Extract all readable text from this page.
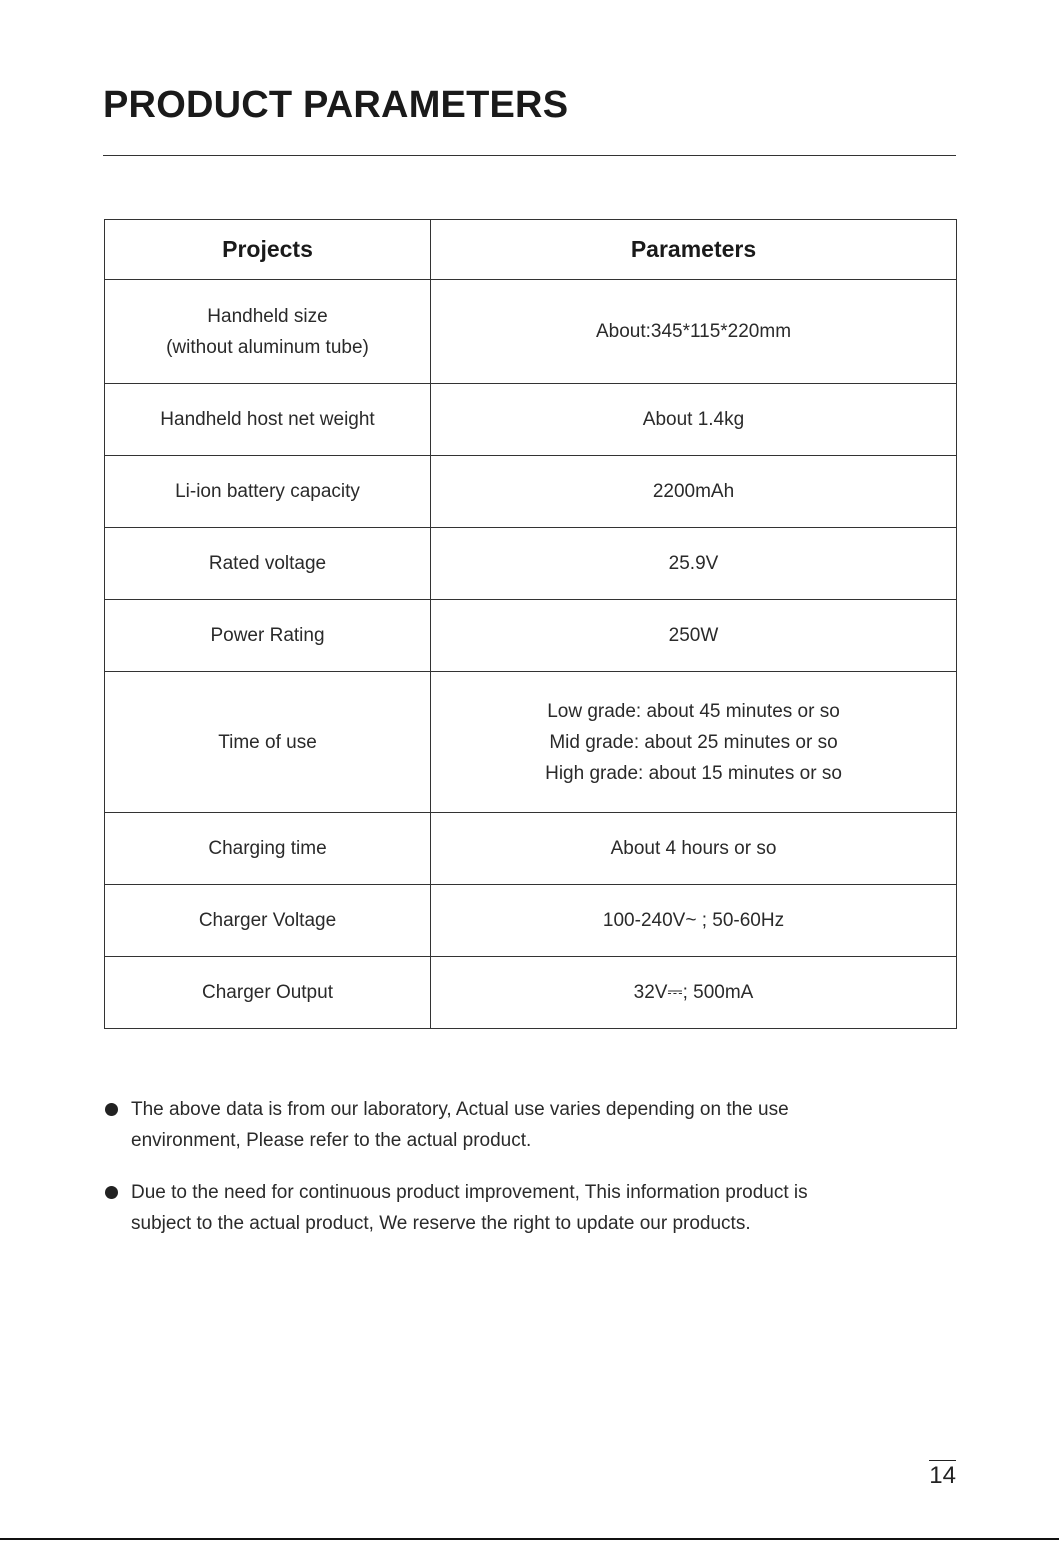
PRODUCT PARAMETERS
Projects	Parameters

Handheld size
(without aluminum tube)	About:345*115*220mm

Handheld host net weight	About 1.4kg

Li-ion battery capacity	2200mAh

Rated voltage	25.9V

Power Rating	250W

Time of use	Low grade: about 45 minutes or so
Mid grade: about 25 minutes or so
High grade: about 15 minutes or so

Charging time	About 4 hours or so

Charger Voltage	100-240V~ ; 50-60Hz

Charger Output	32V⎓; 500mA
The above data is from our laboratory, Actual use varies depending on the use
environment, Please refer to the actual product.
Due to the need for continuous product improvement, This information product is
subject to the actual product, We reserve the right to update our products.
14
